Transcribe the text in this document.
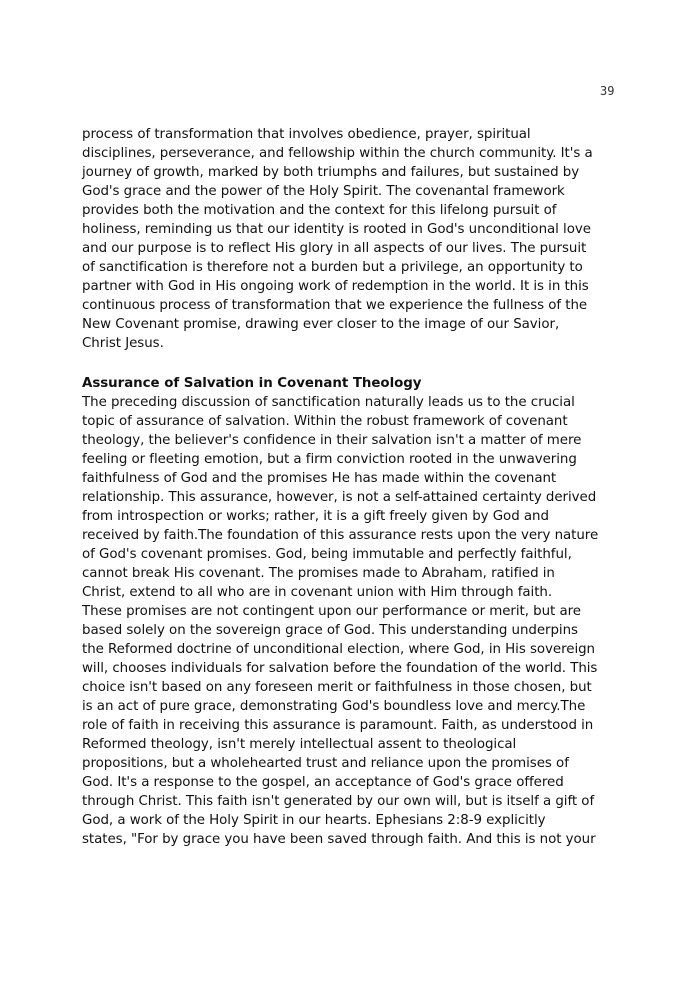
39
process of transformation that involves obedience, prayer, spiritual
disciplines, perseverance, and fellowship within the church community. It's a
journey of growth, marked by both triumphs and failures, but sustained by
God's grace and the power of the Holy Spirit. The covenantal framework
provides both the motivation and the context for this lifelong pursuit of
holiness, reminding us that our identity is rooted in God's unconditional love
and our purpose is to reflect His glory in all aspects of our lives. The pursuit
of sanctification is therefore not a burden but a privilege, an opportunity to
partner with God in His ongoing work of redemption in the world. It is in this
continuous process of transformation that we experience the fullness of the
New Covenant promise, drawing ever closer to the image of our Savior,
Christ Jesus.
Assurance of Salvation in Covenant Theology
The preceding discussion of sanctification naturally leads us to the crucial
topic of assurance of salvation. Within the robust framework of covenant
theology, the believer's confidence in their salvation isn't a matter of mere
feeling or fleeting emotion, but a firm conviction rooted in the unwavering
faithfulness of God and the promises He has made within the covenant
relationship. This assurance, however, is not a self-attained certainty derived
from introspection or works; rather, it is a gift freely given by God and
received by faith.The foundation of this assurance rests upon the very nature
of God's covenant promises. God, being immutable and perfectly faithful,
cannot break His covenant. The promises made to Abraham, ratified in
Christ, extend to all who are in covenant union with Him through faith.
These promises are not contingent upon our performance or merit, but are
based solely on the sovereign grace of God. This understanding underpins
the Reformed doctrine of unconditional election, where God, in His sovereign
will, chooses individuals for salvation before the foundation of the world. This
choice isn't based on any foreseen merit or faithfulness in those chosen, but
is an act of pure grace, demonstrating God's boundless love and mercy.The
role of faith in receiving this assurance is paramount. Faith, as understood in
Reformed theology, isn't merely intellectual assent to theological
propositions, but a wholehearted trust and reliance upon the promises of
God. It's a response to the gospel, an acceptance of God's grace offered
through Christ. This faith isn't generated by our own will, but is itself a gift of
God, a work of the Holy Spirit in our hearts. Ephesians 2:8-9 explicitly
states, "For by grace you have been saved through faith. And this is not your
